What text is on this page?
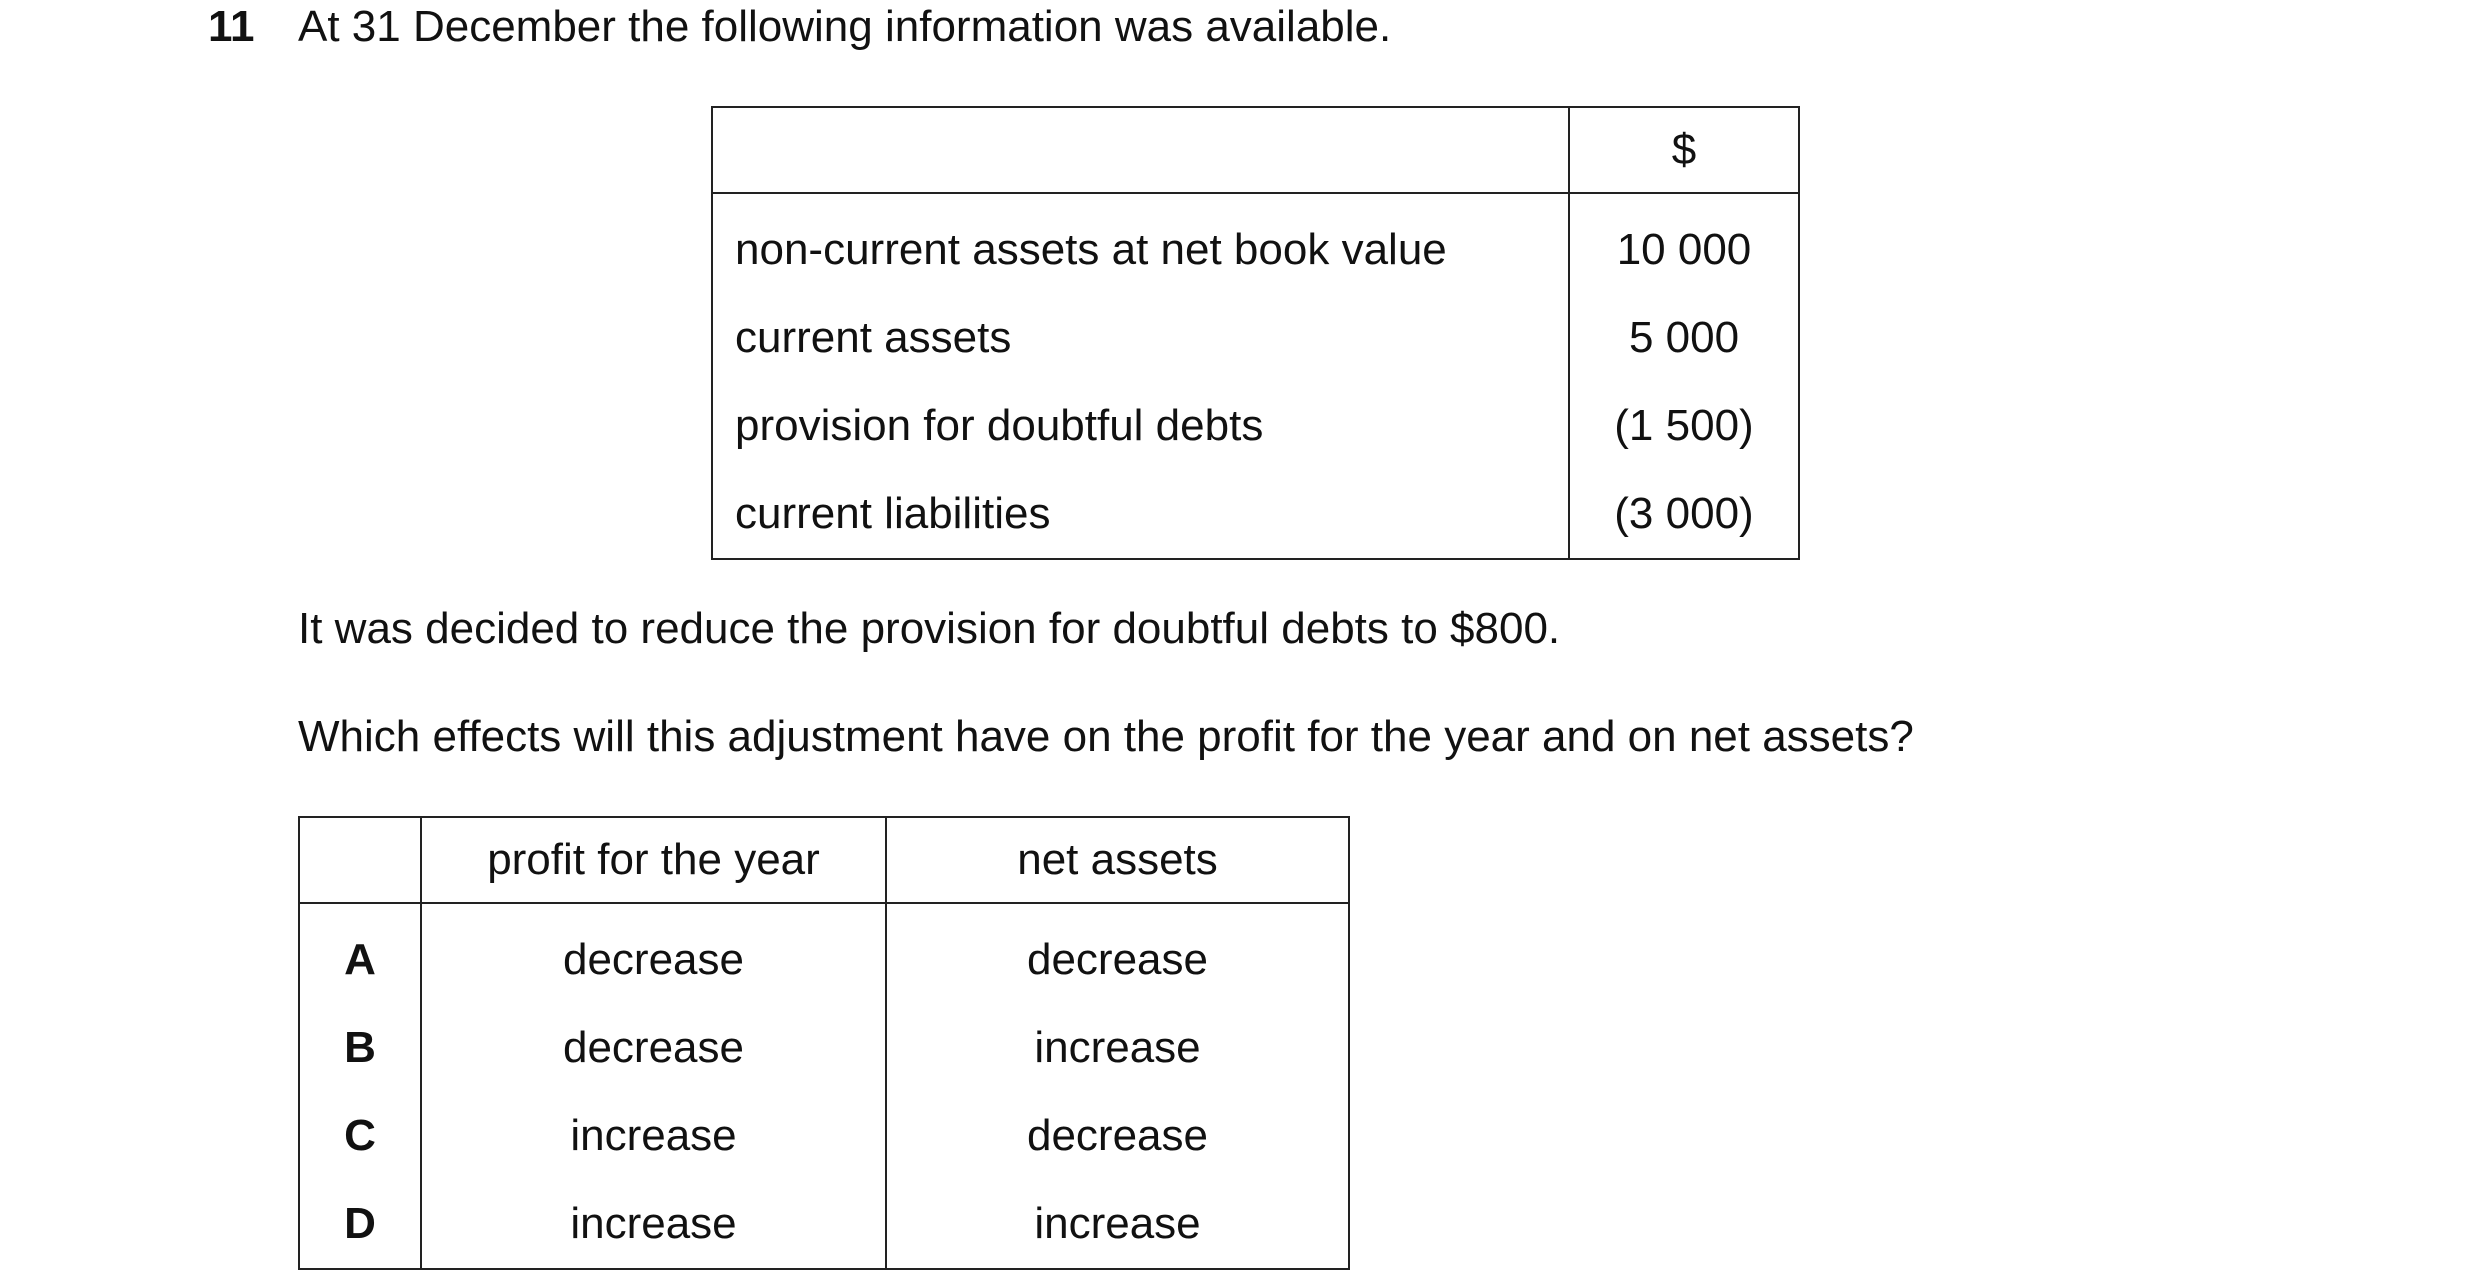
11 At 31 December the following information was available.
	$
non-current assets at net book value	10 000
current assets	5 000
provision for doubtful debts	(1 500)
current liabilities	(3 000)
It was decided to reduce the provision for doubtful debts to $800.
Which effects will this adjustment have on the profit for the year and on net assets?
	profit for the year	net assets
A	decrease	decrease
B	decrease	increase
C	increase	decrease
D	increase	increase
